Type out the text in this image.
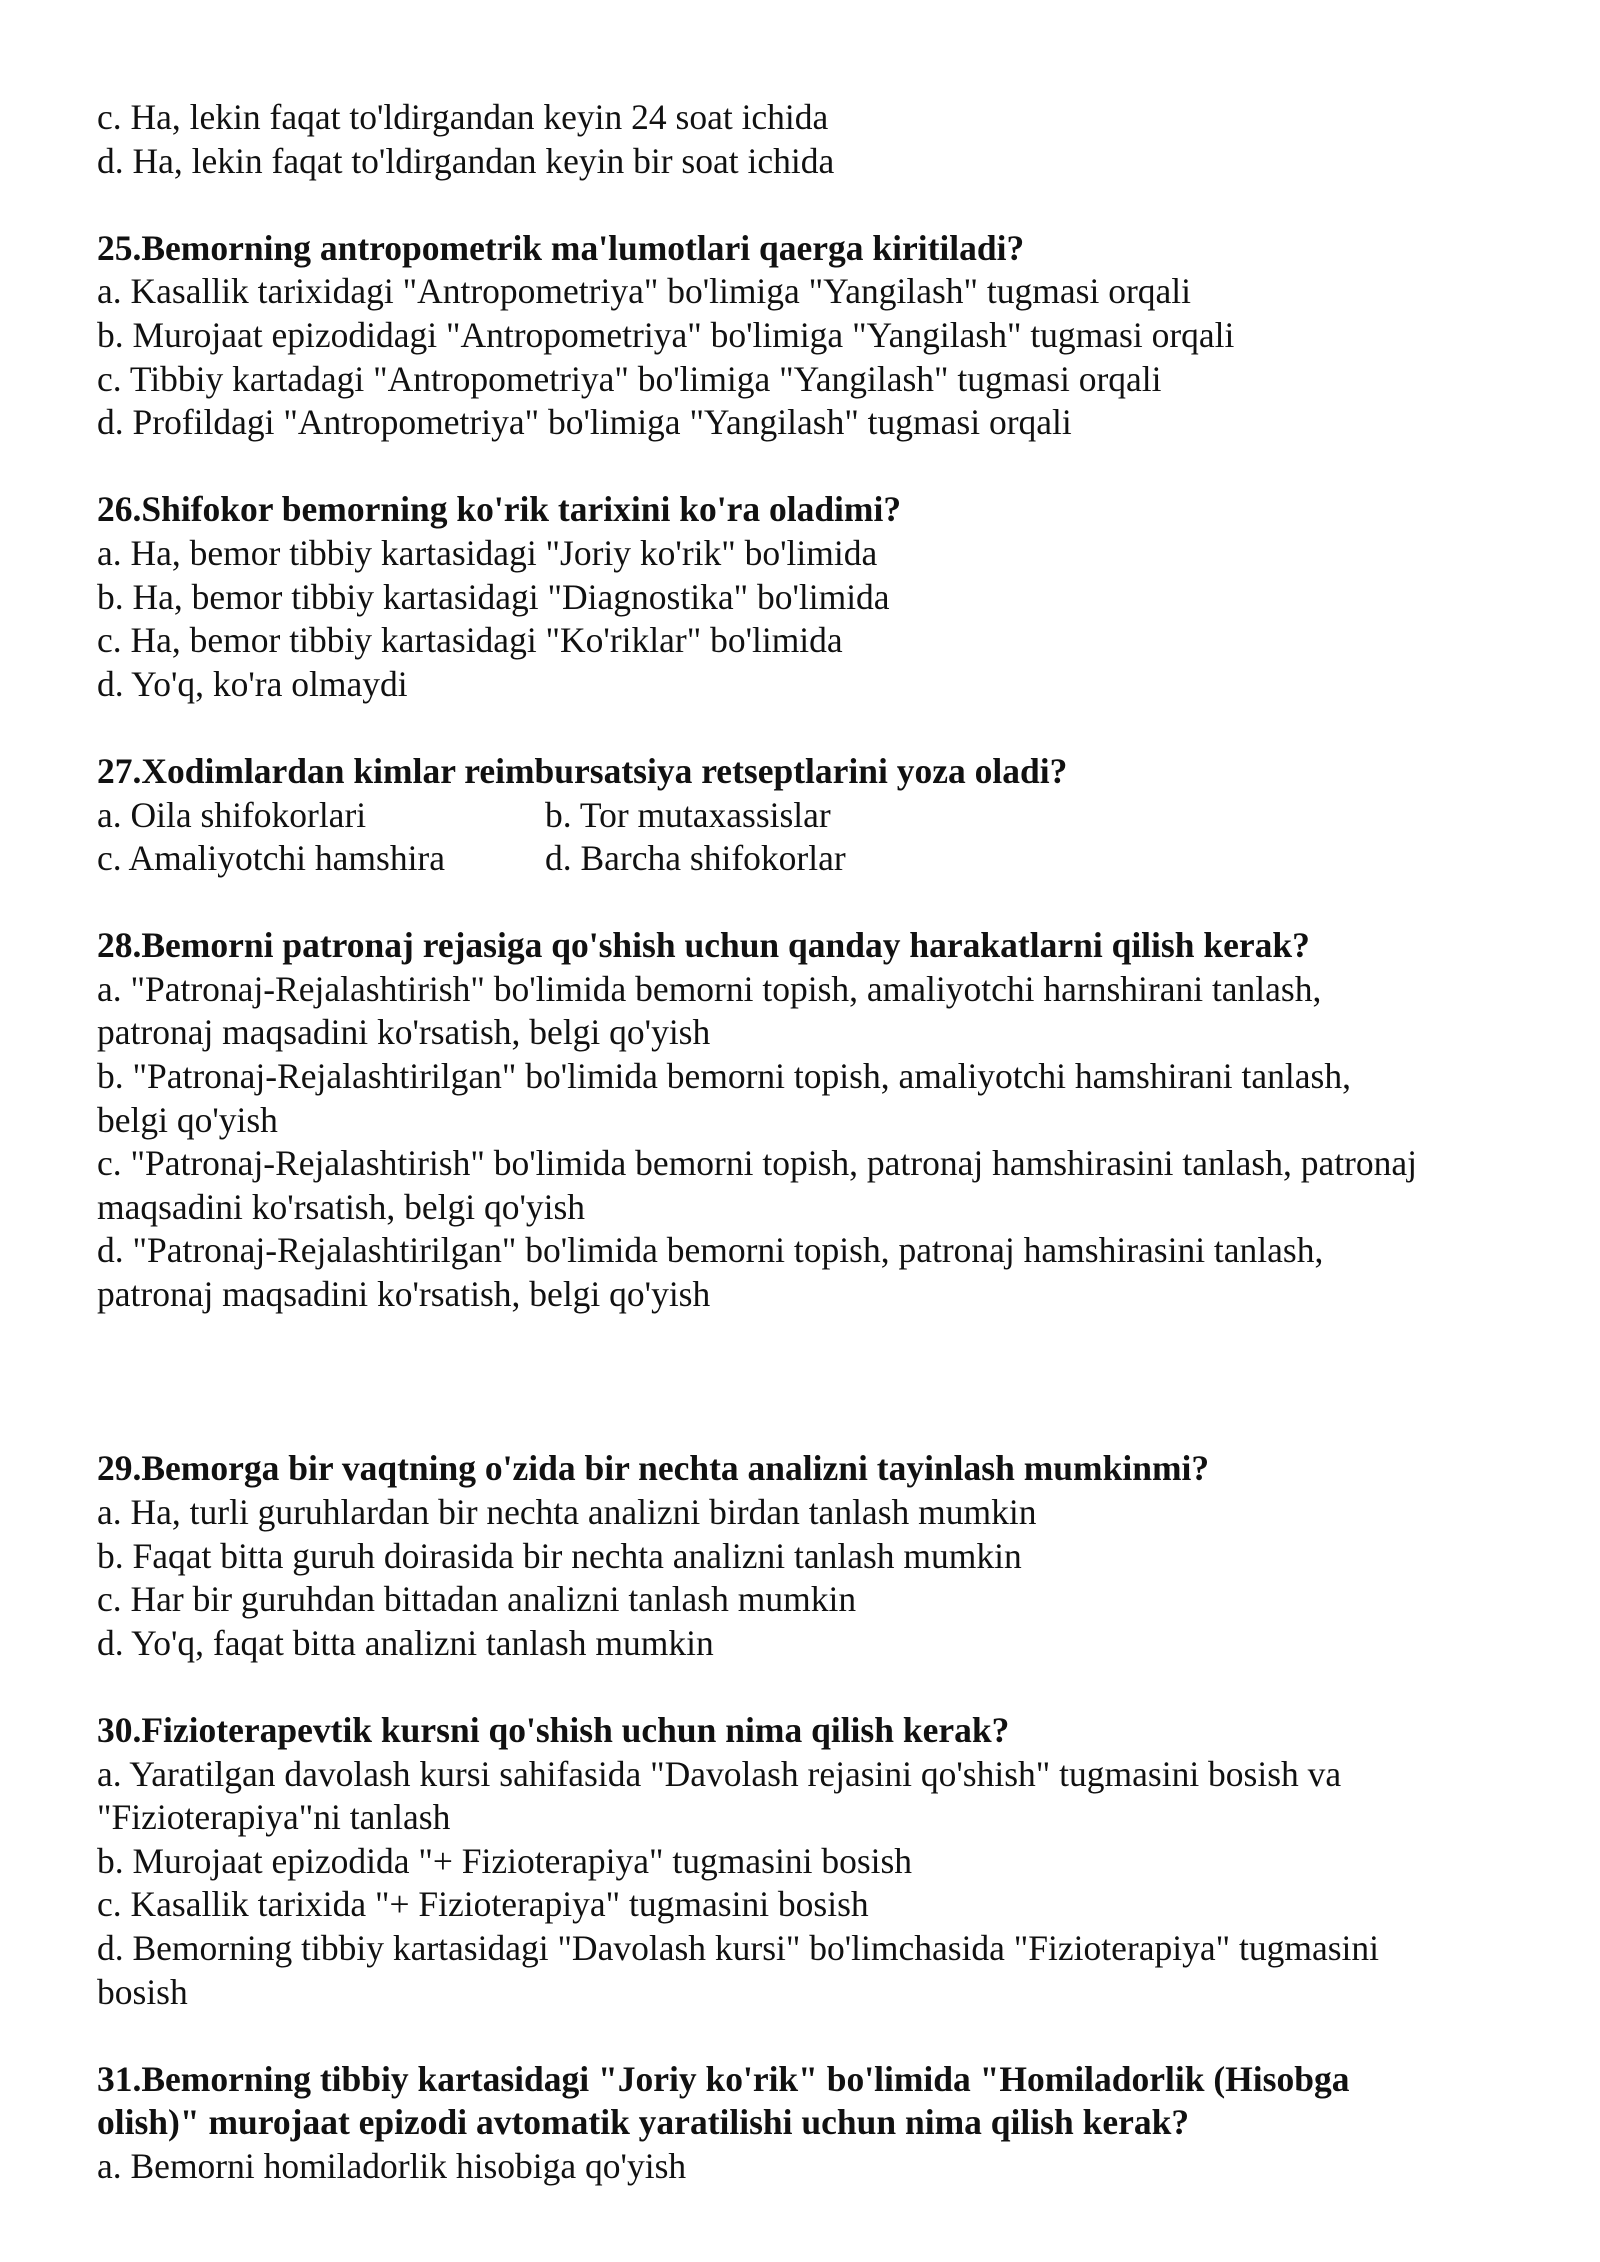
c. Ha, lekin faqat to'ldirgandan keyin 24 soat ichida
d. Ha, lekin faqat to'ldirgandan keyin bir soat ichida
25.Bemorning antropometrik ma'lumotlari qaerga kiritiladi?
a. Kasallik tarixidagi "Antropometriya" bo'limiga "Yangilash" tugmasi orqali
b. Murojaat epizodidagi "Antropometriya" bo'limiga "Yangilash" tugmasi orqali
c. Tibbiy kartadagi "Antropometriya" bo'limiga "Yangilash" tugmasi orqali
d. Profildagi "Antropometriya" bo'limiga "Yangilash" tugmasi orqali
26.Shifokor bemorning ko'rik tarixini ko'ra oladimi?
a. Ha, bemor tibbiy kartasidagi "Joriy ko'rik" bo'limida
b. Ha, bemor tibbiy kartasidagi "Diagnostika" bo'limida
c. Ha, bemor tibbiy kartasidagi "Ko'riklar" bo'limida
d. Yo'q, ko'ra olmaydi
27.Xodimlardan kimlar reimbursatsiya retseptlarini yoza oladi?
a. Oila shifokorlari	b. Tor mutaxassislar
c. Amaliyotchi hamshira	d. Barcha shifokorlar
28.Bemorni patronaj rejasiga qo'shish uchun qanday harakatlarni qilish kerak?
a. "Patronaj-Rejalashtirish" bo'limida bemorni topish, amaliyotchi harnshirani tanlash,
patronaj maqsadini ko'rsatish, belgi qo'yish
b. "Patronaj-Rejalashtirilgan" bo'limida bemorni topish, amaliyotchi hamshirani tanlash,
belgi qo'yish
c. "Patronaj-Rejalashtirish" bo'limida bemorni topish, patronaj hamshirasini tanlash, patronaj
maqsadini ko'rsatish, belgi qo'yish
d. "Patronaj-Rejalashtirilgan" bo'limida bemorni topish, patronaj hamshirasini tanlash,
patronaj maqsadini ko'rsatish, belgi qo'yish
29.Bemorga bir vaqtning o'zida bir nechta analizni tayinlash mumkinmi?
a. Ha, turli guruhlardan bir nechta analizni birdan tanlash mumkin
b. Faqat bitta guruh doirasida bir nechta analizni tanlash mumkin
c. Har bir guruhdan bittadan analizni tanlash mumkin
d. Yo'q, faqat bitta analizni tanlash mumkin
30.Fizioterapevtik kursni qo'shish uchun nima qilish kerak?
a. Yaratilgan davolash kursi sahifasida "Davolash rejasini qo'shish" tugmasini bosish va
"Fizioterapiya"ni tanlash
b. Murojaat epizodida "+ Fizioterapiya" tugmasini bosish
c. Kasallik tarixida "+ Fizioterapiya" tugmasini bosish
d. Bemorning tibbiy kartasidagi "Davolash kursi" bo'limchasida "Fizioterapiya" tugmasini
bosish
31.Bemorning tibbiy kartasidagi "Joriy ko'rik" bo'limida "Homiladorlik (Hisobga
olish)" murojaat epizodi avtomatik yaratilishi uchun nima qilish kerak?
a. Bemorni homiladorlik hisobiga qo'yish
